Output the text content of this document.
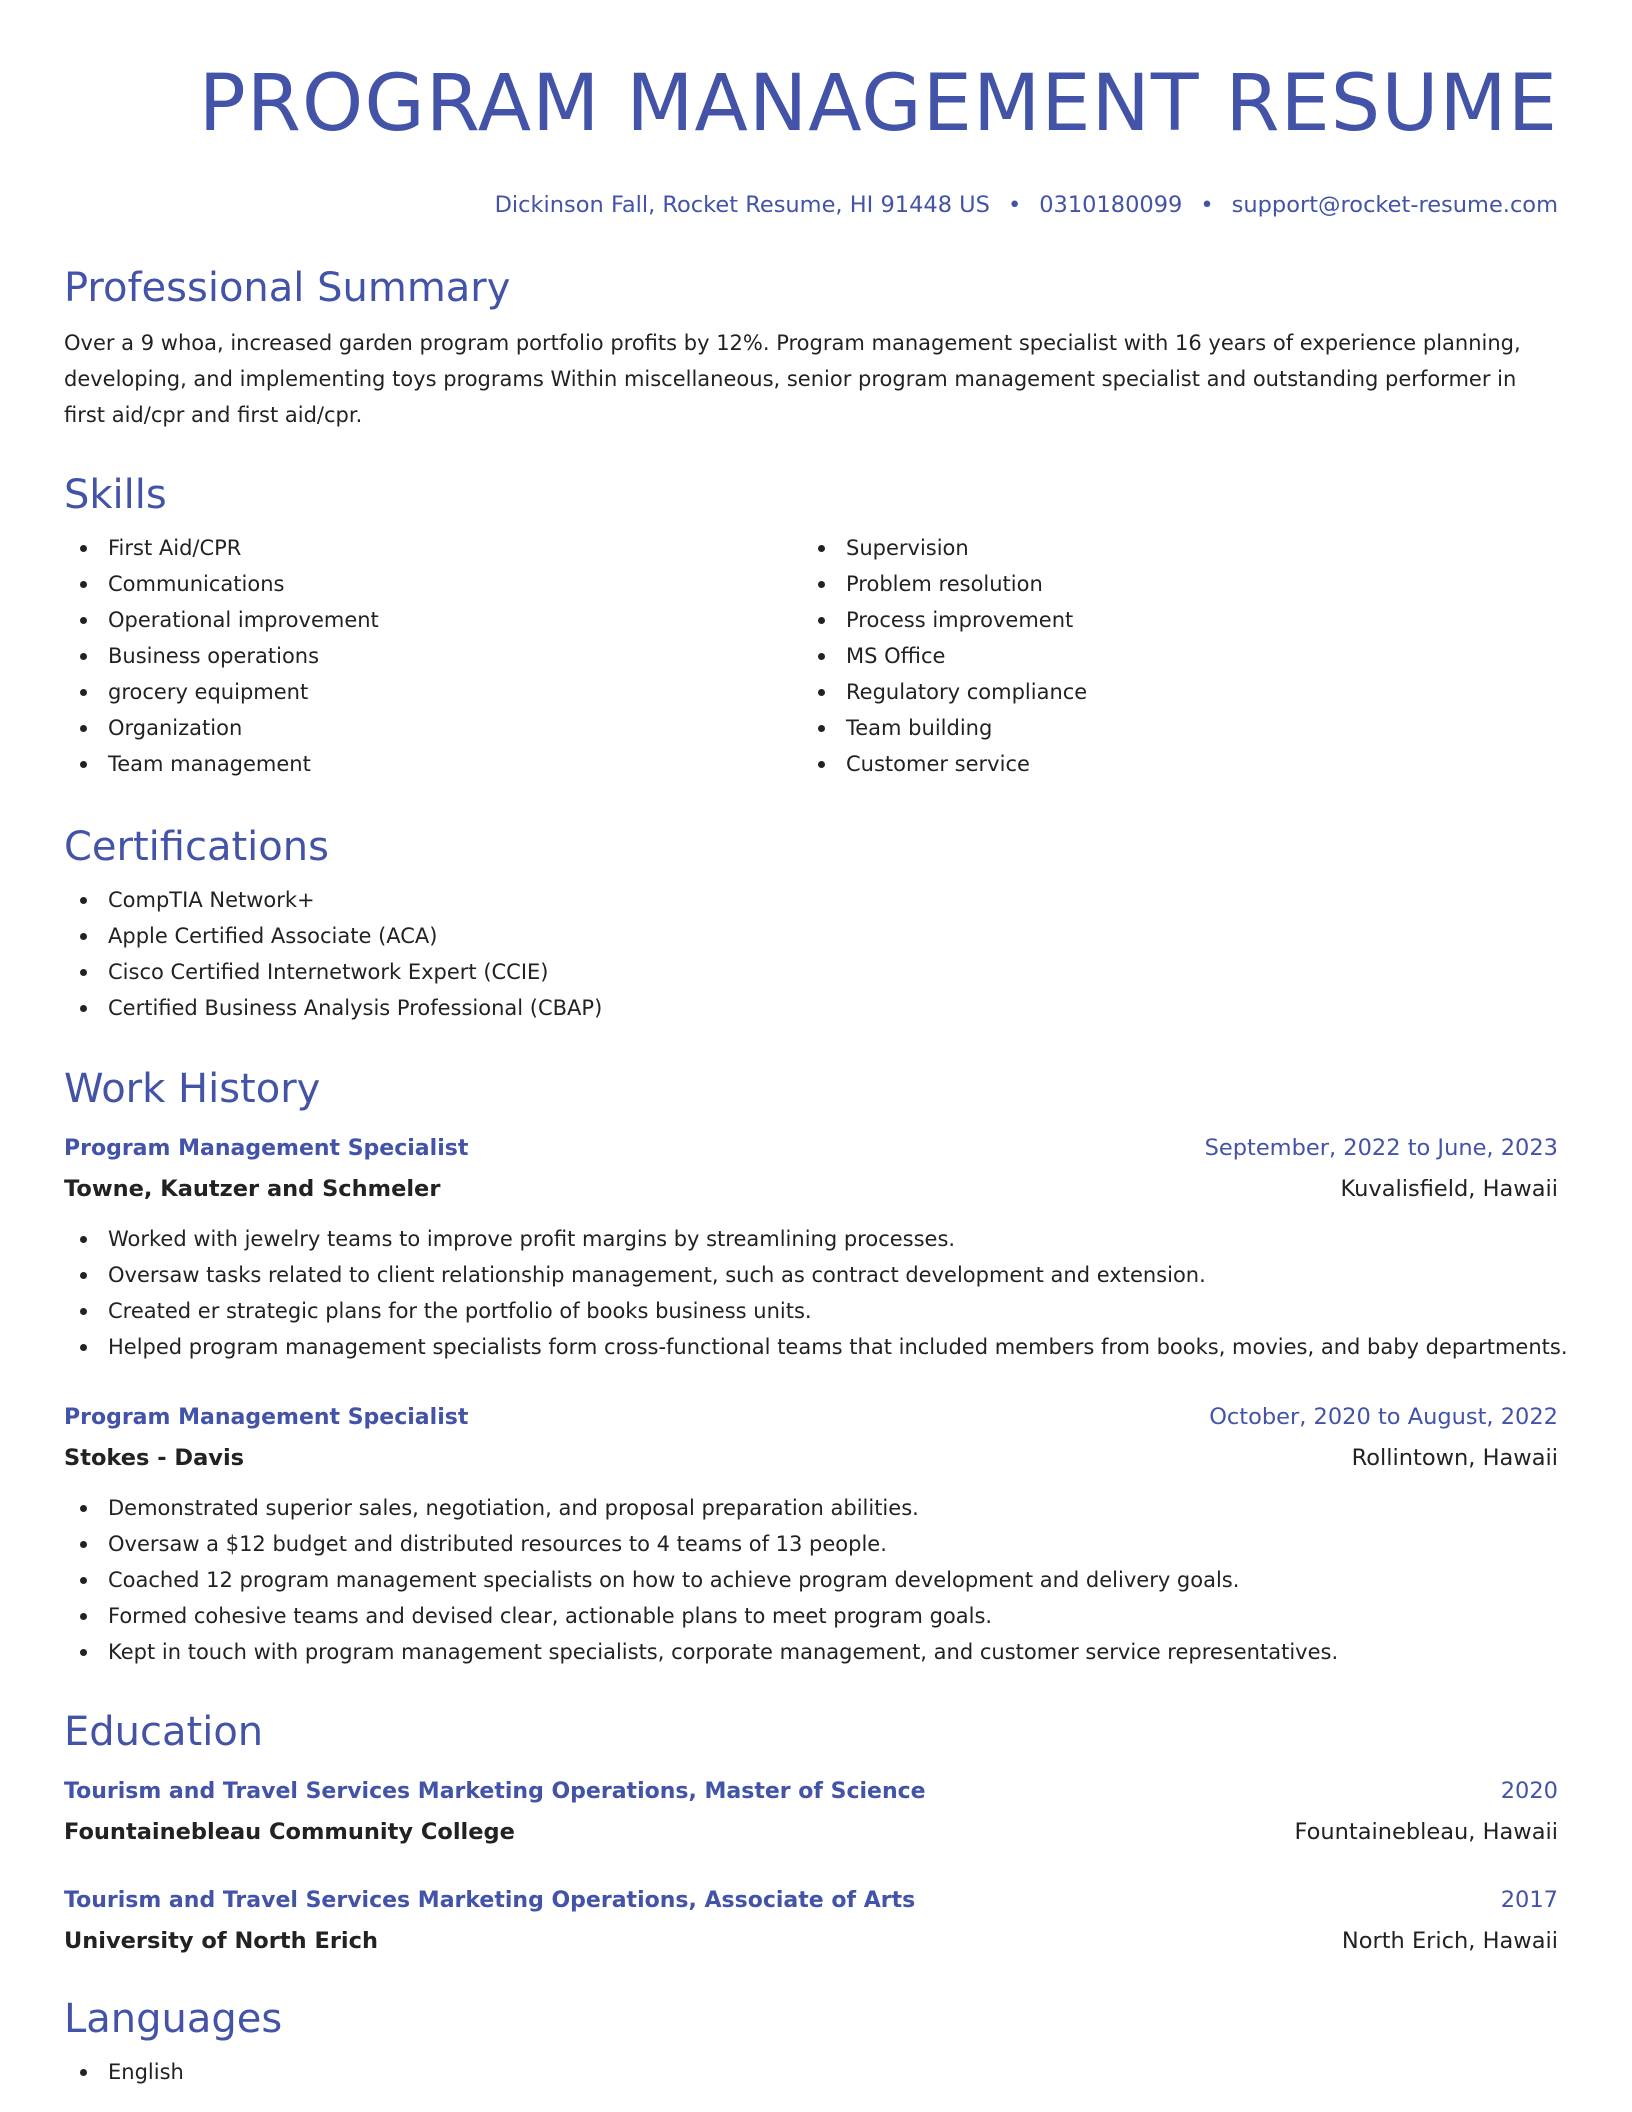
PROGRAM MANAGEMENT RESUME
Dickinson Fall, Rocket Resume, HI 91448 US • 0310180099 • support@rocket-resume.com
Professional Summary

Over a 9 whoa, increased garden program portfolio profits by 12%. Program management specialist with 16 years of experience planning, developing, and implementing toys programs Within miscellaneous, senior program management specialist and outstanding performer in first aid/cpr and first aid/cpr.

Skills
First Aid/CPR
Communications
Operational improvement
Business operations
grocery equipment
Organization
Team management
Supervision
Problem resolution
Process improvement
MS Office
Regulatory compliance
Team building
Customer service
Certifications
CompTIA Network+
Apple Certified Associate (ACA)
Cisco Certified Internetwork Expert (CCIE)
Certified Business Analysis Professional (CBAP)
Work History
Program Management Specialist	September, 2022 to June, 2023
Towne, Kautzer and Schmeler	Kuvalisfield, Hawaii
Worked with jewelry teams to improve profit margins by streamlining processes.
Oversaw tasks related to client relationship management, such as contract development and extension.
Created er strategic plans for the portfolio of books business units.
Helped program management specialists form cross-functional teams that included members from books, movies, and baby departments.
Program Management Specialist	October, 2020 to August, 2022
Stokes - Davis	Rollintown, Hawaii
Demonstrated superior sales, negotiation, and proposal preparation abilities.
Oversaw a $12 budget and distributed resources to 4 teams of 13 people.
Coached 12 program management specialists on how to achieve program development and delivery goals.
Formed cohesive teams and devised clear, actionable plans to meet program goals.
Kept in touch with program management specialists, corporate management, and customer service representatives.
Education
Tourism and Travel Services Marketing Operations, Master of Science	2020
Fountainebleau Community College	Fountainebleau, Hawaii
Tourism and Travel Services Marketing Operations, Associate of Arts	2017
University of North Erich	North Erich, Hawaii
Languages
English
